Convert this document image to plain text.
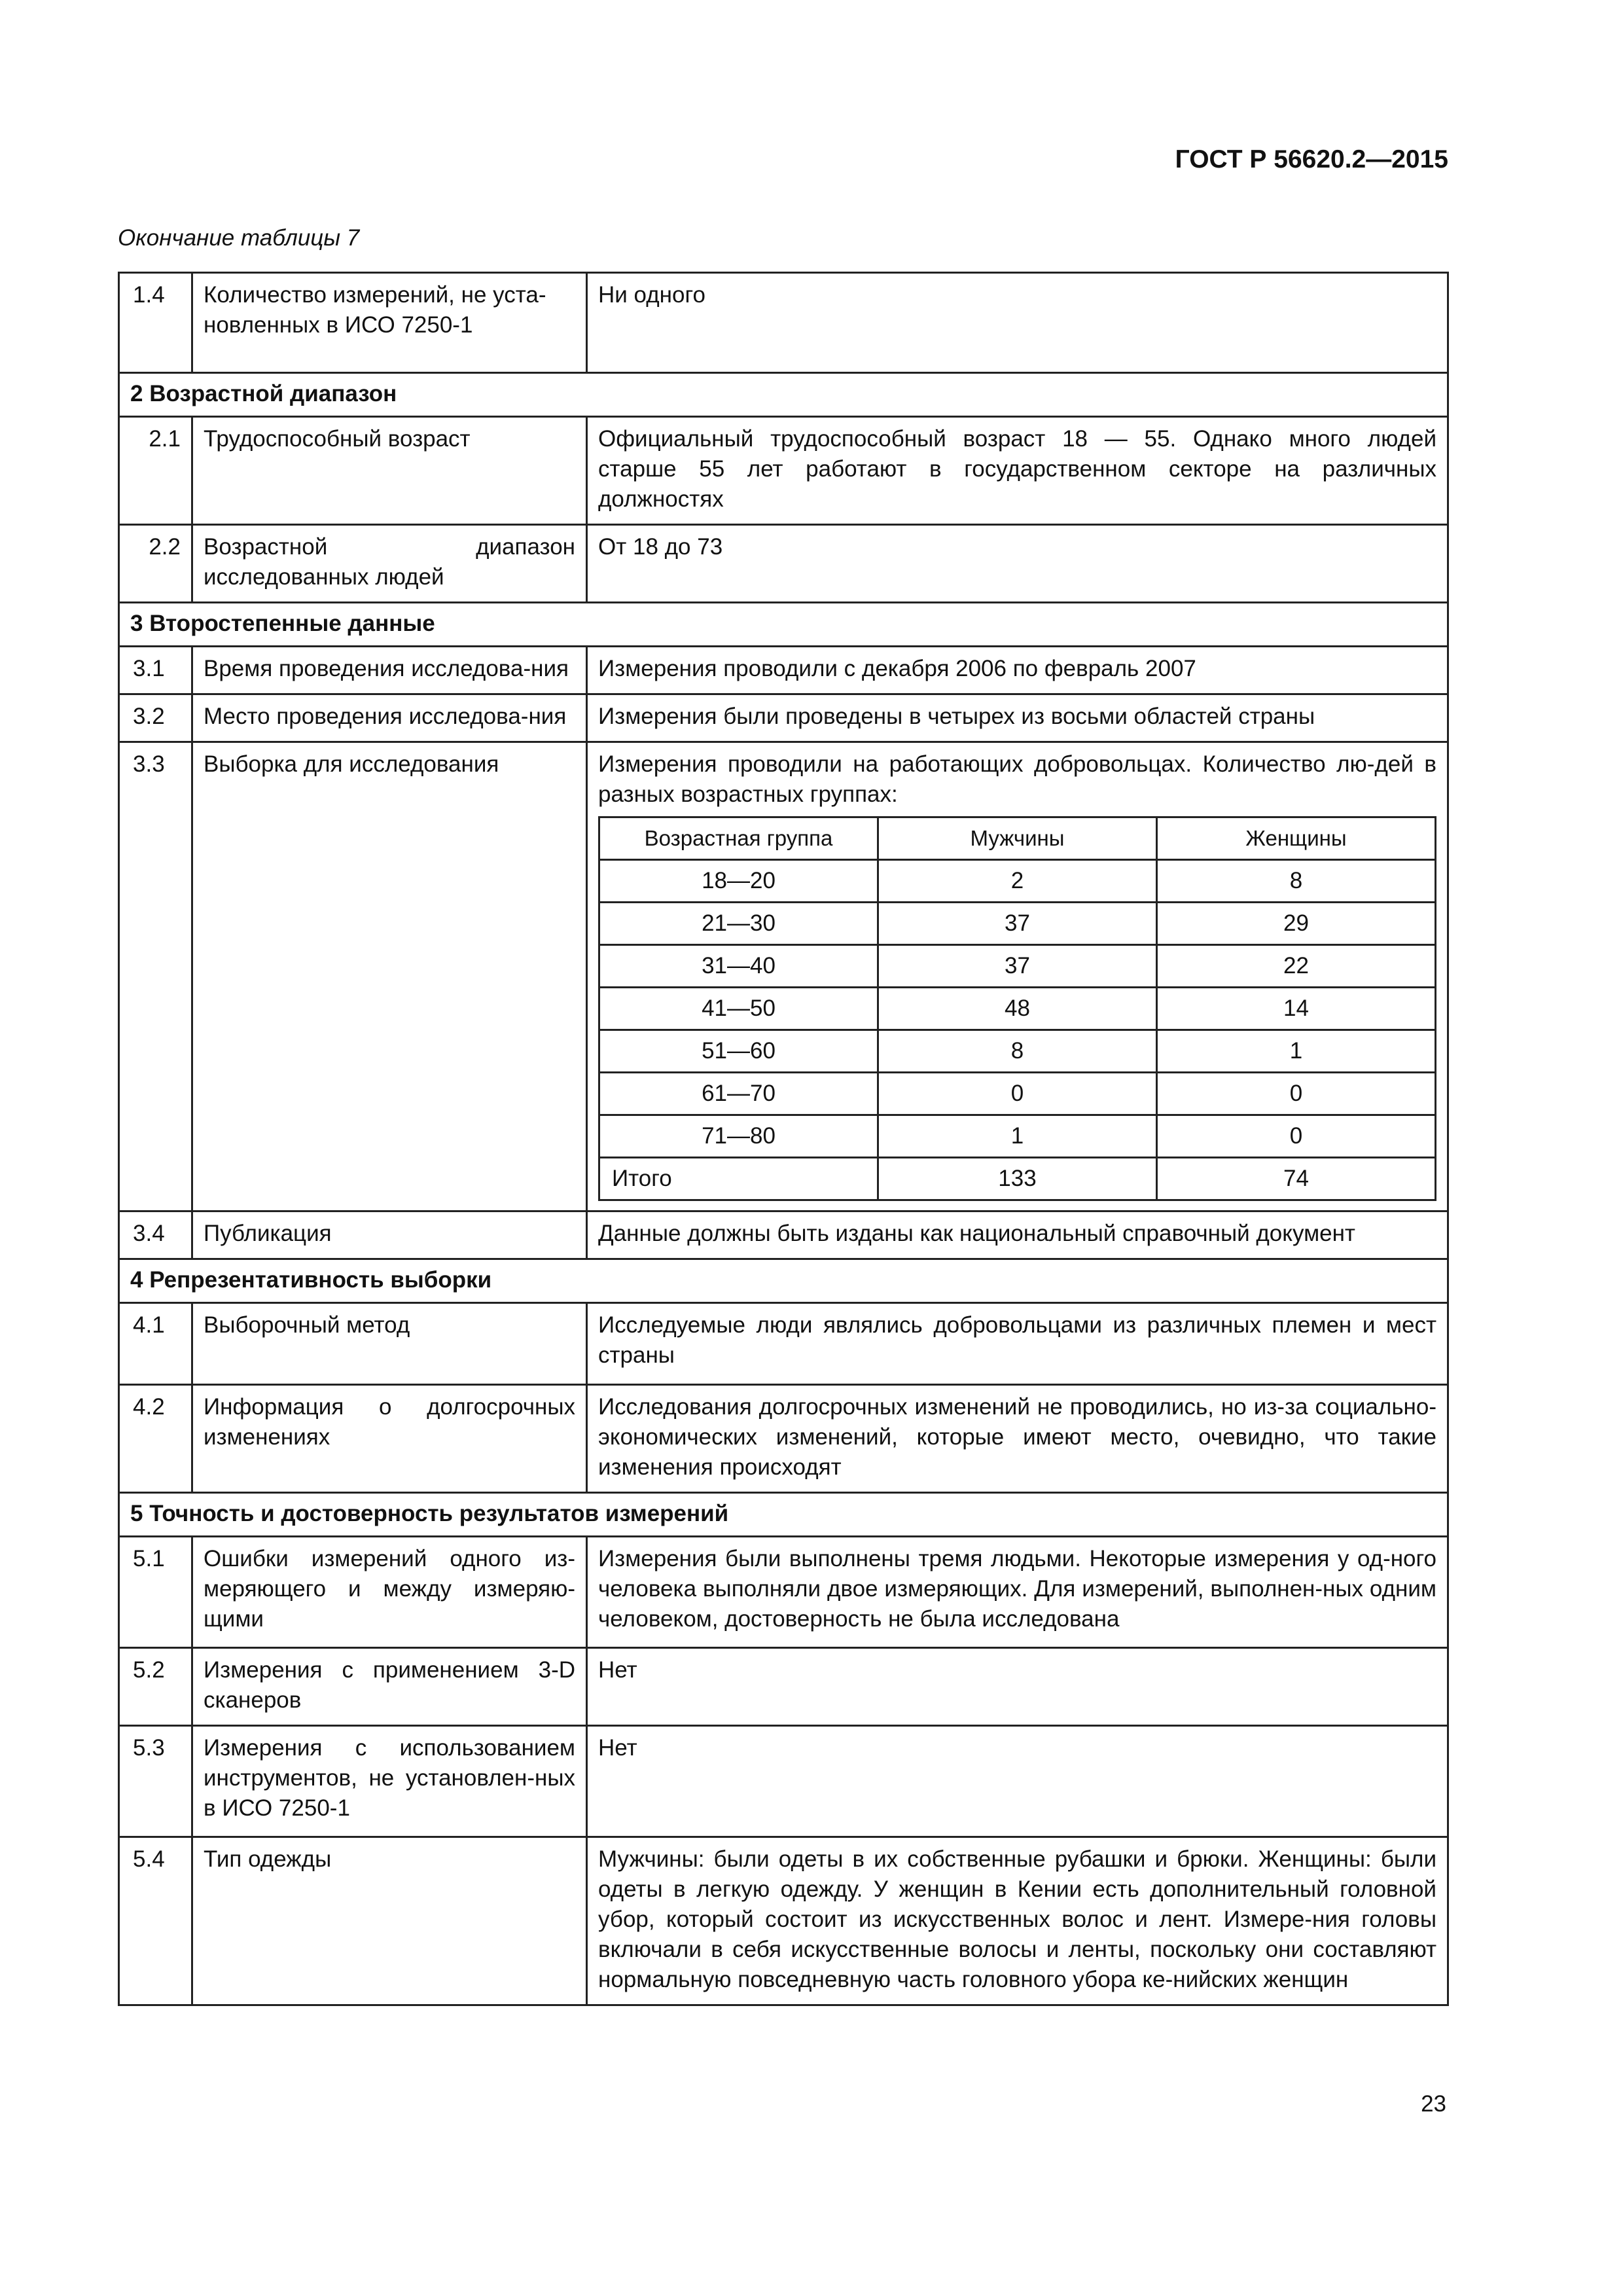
ГОСТ Р 56620.2—2015
Окончание таблицы 7
1.4	Количество измерений, не уста-новленных в ИСО 7250-1	Ни одного
2 Возрастной диапазон
2.1	Трудоспособный возраст	Официальный трудоспособный возраст 18 — 55. Однако много людей старше 55 лет работают в государственном секторе на различных должностях
2.2	Возрастной диапазон исследованных людей	От 18 до 73
3 Второстепенные данные
3.1	Время проведения исследова-ния	Измерения проводили с декабря 2006 по февраль 2007
3.2	Место проведения исследова-ния	Измерения были проведены в четырех из восьми областей страны
3.3	Выборка для исследования	Измерения проводили на работающих добровольцах. Количество лю-дей в разных возрастных группах:
Возрастная группа	Мужчины	Женщины
18—20	2	8
21—30	37	29
31—40	37	22
41—50	48	14
51—60	8	1
61—70	0	0
71—80	1	0
Итого	133	74

3.4	Публикация	Данные должны быть изданы как национальный справочный документ
4 Репрезентативность выборки
4.1	Выборочный метод	Исследуемые люди являлись добровольцами из различных племен и мест страны
4.2	Информация о долгосрочных изменениях	Исследования долгосрочных изменений не проводились, но из-за социально-экономических изменений, которые имеют место, очевидно, что такие изменения происходят
5 Точность и достоверность результатов измерений
5.1	Ошибки измерений одного из-меряющего и между измеряю-щими	Измерения были выполнены тремя людьми. Некоторые измерения у од-ного человека выполняли двое измеряющих. Для измерений, выполнен-ных одним человеком, достоверность не была исследована
5.2	Измерения с применением 3-D сканеров	Нет
5.3	Измерения с использованием инструментов, не установлен-ных в ИСО 7250-1	Нет
5.4	Тип одежды	Мужчины: были одеты в их собственные рубашки и брюки. Женщины: были одеты в легкую одежду. У женщин в Кении есть дополнительный головной убор, который состоит из искусственных волос и лент. Измере-ния головы включали в себя искусственные волосы и ленты, поскольку они составляют нормальную повседневную часть головного убора ке-нийских женщин
23
